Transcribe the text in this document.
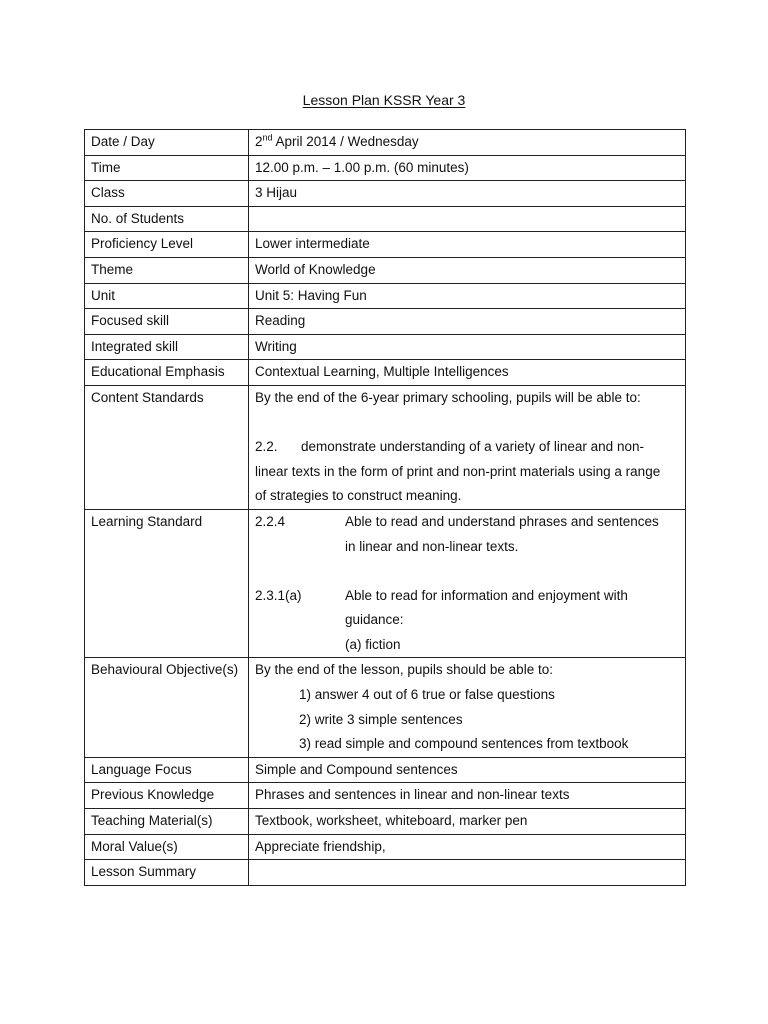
Lesson Plan KSSR Year 3
Date / Day	2nd April 2014 / Wednesday
Time	12.00 p.m. – 1.00 p.m. (60 minutes)
Class	3 Hijau
No. of Students	
Proficiency Level	Lower intermediate
Theme	World of Knowledge
Unit	Unit 5: Having Fun
Focused skill	Reading
Integrated skill	Writing
Educational Emphasis	Contextual Learning, Multiple Intelligences
Content Standards	By the end of the 6-year primary schooling, pupils will be able to:
2.2. demonstrate understanding of a variety of linear and non-
linear texts in the form of print and non-print materials using a range
of strategies to construct meaning.

Learning Standard	2.2.4 Able to read and understand phrases and sentences
in linear and non-linear texts.
2.3.1(a) Able to read for information and enjoyment with
guidance:
(a) fiction

Behavioural Objective(s)	By the end of the lesson, pupils should be able to:
1) answer 4 out of 6 true or false questions
2) write 3 simple sentences
3) read simple and compound sentences from textbook

Language Focus	Simple and Compound sentences
Previous Knowledge	Phrases and sentences in linear and non-linear texts
Teaching Material(s)	Textbook, worksheet, whiteboard, marker pen
Moral Value(s)	Appreciate friendship,
Lesson Summary	
